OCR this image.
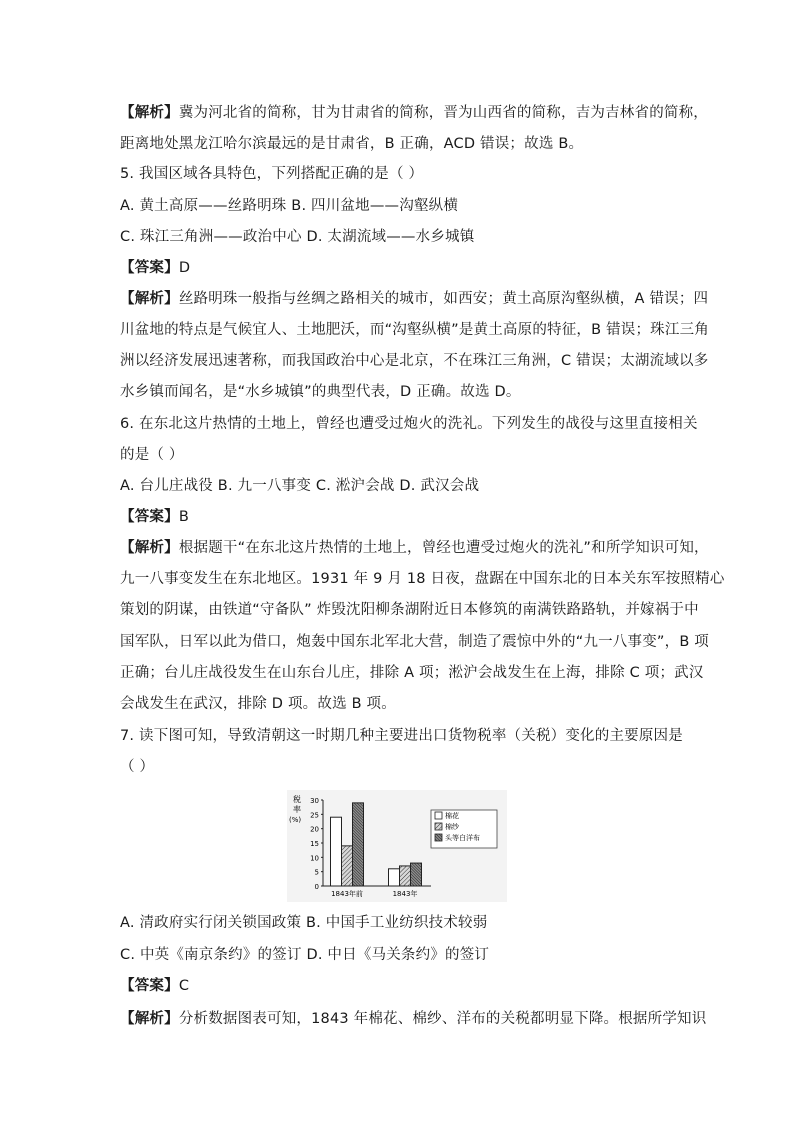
【解析】冀为河北省的简称，甘为甘肃省的简称，晋为山西省的简称，吉为吉林省的简称，
距离地处黑龙江哈尔滨最远的是甘肃省，B 正确，ACD 错误；故选 B。
5. 我国区域各具特色，下列搭配正确的是（ ）
A. 黄土高原——丝路明珠 B. 四川盆地——沟壑纵横
C. 珠江三角洲——政治中心 D. 太湖流域——水乡城镇
【答案】D
【解析】丝路明珠一般指与丝绸之路相关的城市，如西安；黄土高原沟壑纵横，A 错误；四
川盆地的特点是气候宜人、土地肥沃，而“沟壑纵横”是黄土高原的特征，B 错误；珠江三角
洲以经济发展迅速著称，而我国政治中心是北京，不在珠江三角洲，C 错误；太湖流域以多
水乡镇而闻名，是“水乡城镇”的典型代表，D 正确。故选 D。
6. 在东北这片热情的土地上，曾经也遭受过炮火的洗礼。下列发生的战役与这里直接相关
的是（ ）
A. 台儿庄战役 B. 九一八事变 C. 淞沪会战 D. 武汉会战
【答案】B
【解析】根据题干“在东北这片热情的土地上，曾经也遭受过炮火的洗礼”和所学知识可知，
九一八事变发生在东北地区。1931 年 9 月 18 日夜，盘踞在中国东北的日本关东军按照精心
策划的阴谋，由铁道“守备队” 炸毁沈阳柳条湖附近日本修筑的南满铁路路轨，并嫁祸于中
国军队，日军以此为借口，炮轰中国东北军北大营，制造了震惊中外的“九一八事变”，B 项
正确；台儿庄战役发生在山东台儿庄，排除 A 项；淞沪会战发生在上海，排除 C 项；武汉
会战发生在武汉，排除 D 项。故选 B 项。
7. 读下图可知，导致清朝这一时期几种主要进出口货物税率（关税）变化的主要原因是
（ ）
税
率
(%)
0
5
10
15
20
25
30
1843年前	1843年
棉花
棉纱
头等白洋布
A. 清政府实行闭关锁国政策 B. 中国手工业纺织技术较弱
C. 中英《南京条约》的签订 D. 中日《马关条约》的签订
【答案】C
【解析】分析数据图表可知，1843 年棉花、棉纱、洋布的关税都明显下降。根据所学知识
